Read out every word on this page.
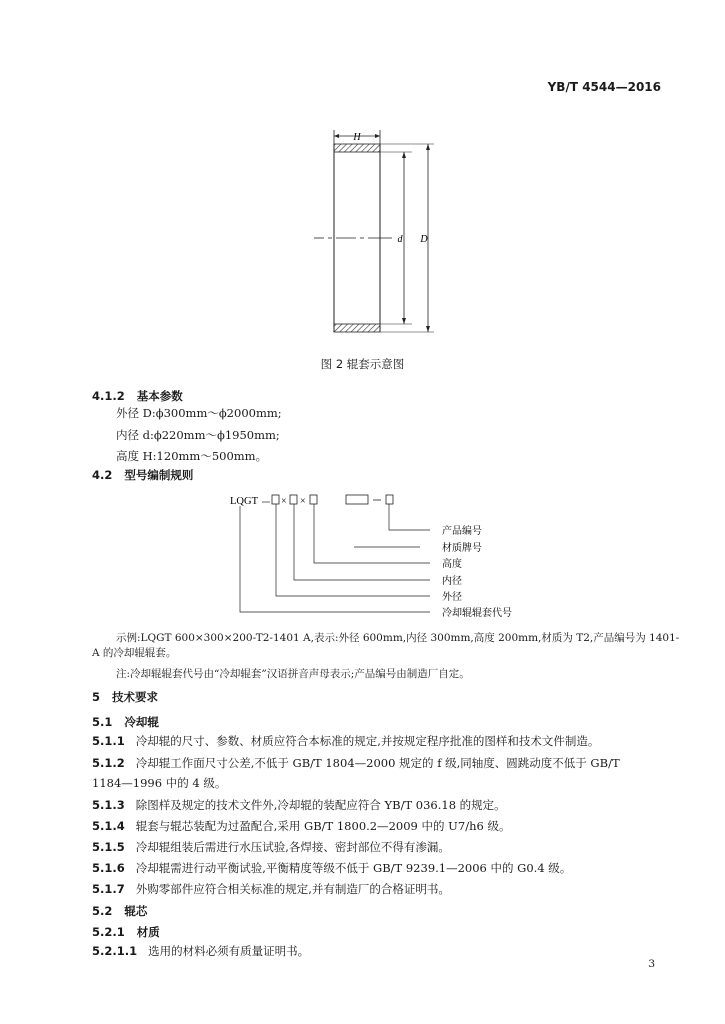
YB/T 4544—2016
H
d D
图 2 辊套示意图
4.1.2 基本参数
外径 D:ϕ300mm～ϕ2000mm;
内径 d:ϕ220mm～ϕ1950mm;
高度 H:120mm～500mm。
4.2 型号编制规则
LQGT × ×
产品编号
材质牌号
高度
内径
外径
冷却辊辊套代号
示例:LQGT 600×300×200-T2-1401 A,表示:外径 600mm,内径 300mm,高度 200mm,材质为 T2,产品编号为 1401-
A 的冷却辊辊套。
注:冷却辊辊套代号由“冷却辊套”汉语拼音声母表示;产品编号由制造厂自定。
5 技术要求
5.1 冷却辊
5.1.1 冷却辊的尺寸、参数、材质应符合本标准的规定,并按规定程序批准的图样和技术文件制造。
5.1.2 冷却辊工作面尺寸公差,不低于 GB/T 1804—2000 规定的 f 级,同轴度、圆跳动度不低于 GB/T
1184—1996 中的 4 级。
5.1.3 除图样及规定的技术文件外,冷却辊的装配应符合 YB/T 036.18 的规定。
5.1.4 辊套与辊芯装配为过盈配合,采用 GB/T 1800.2—2009 中的 U7/h6 级。
5.1.5 冷却辊组装后需进行水压试验,各焊接、密封部位不得有渗漏。
5.1.6 冷却辊需进行动平衡试验,平衡精度等级不低于 GB/T 9239.1—2006 中的 G0.4 级。
5.1.7 外购零部件应符合相关标准的规定,并有制造厂的合格证明书。
5.2 辊芯
5.2.1 材质
5.2.1.1 选用的材料必须有质量证明书。
3
